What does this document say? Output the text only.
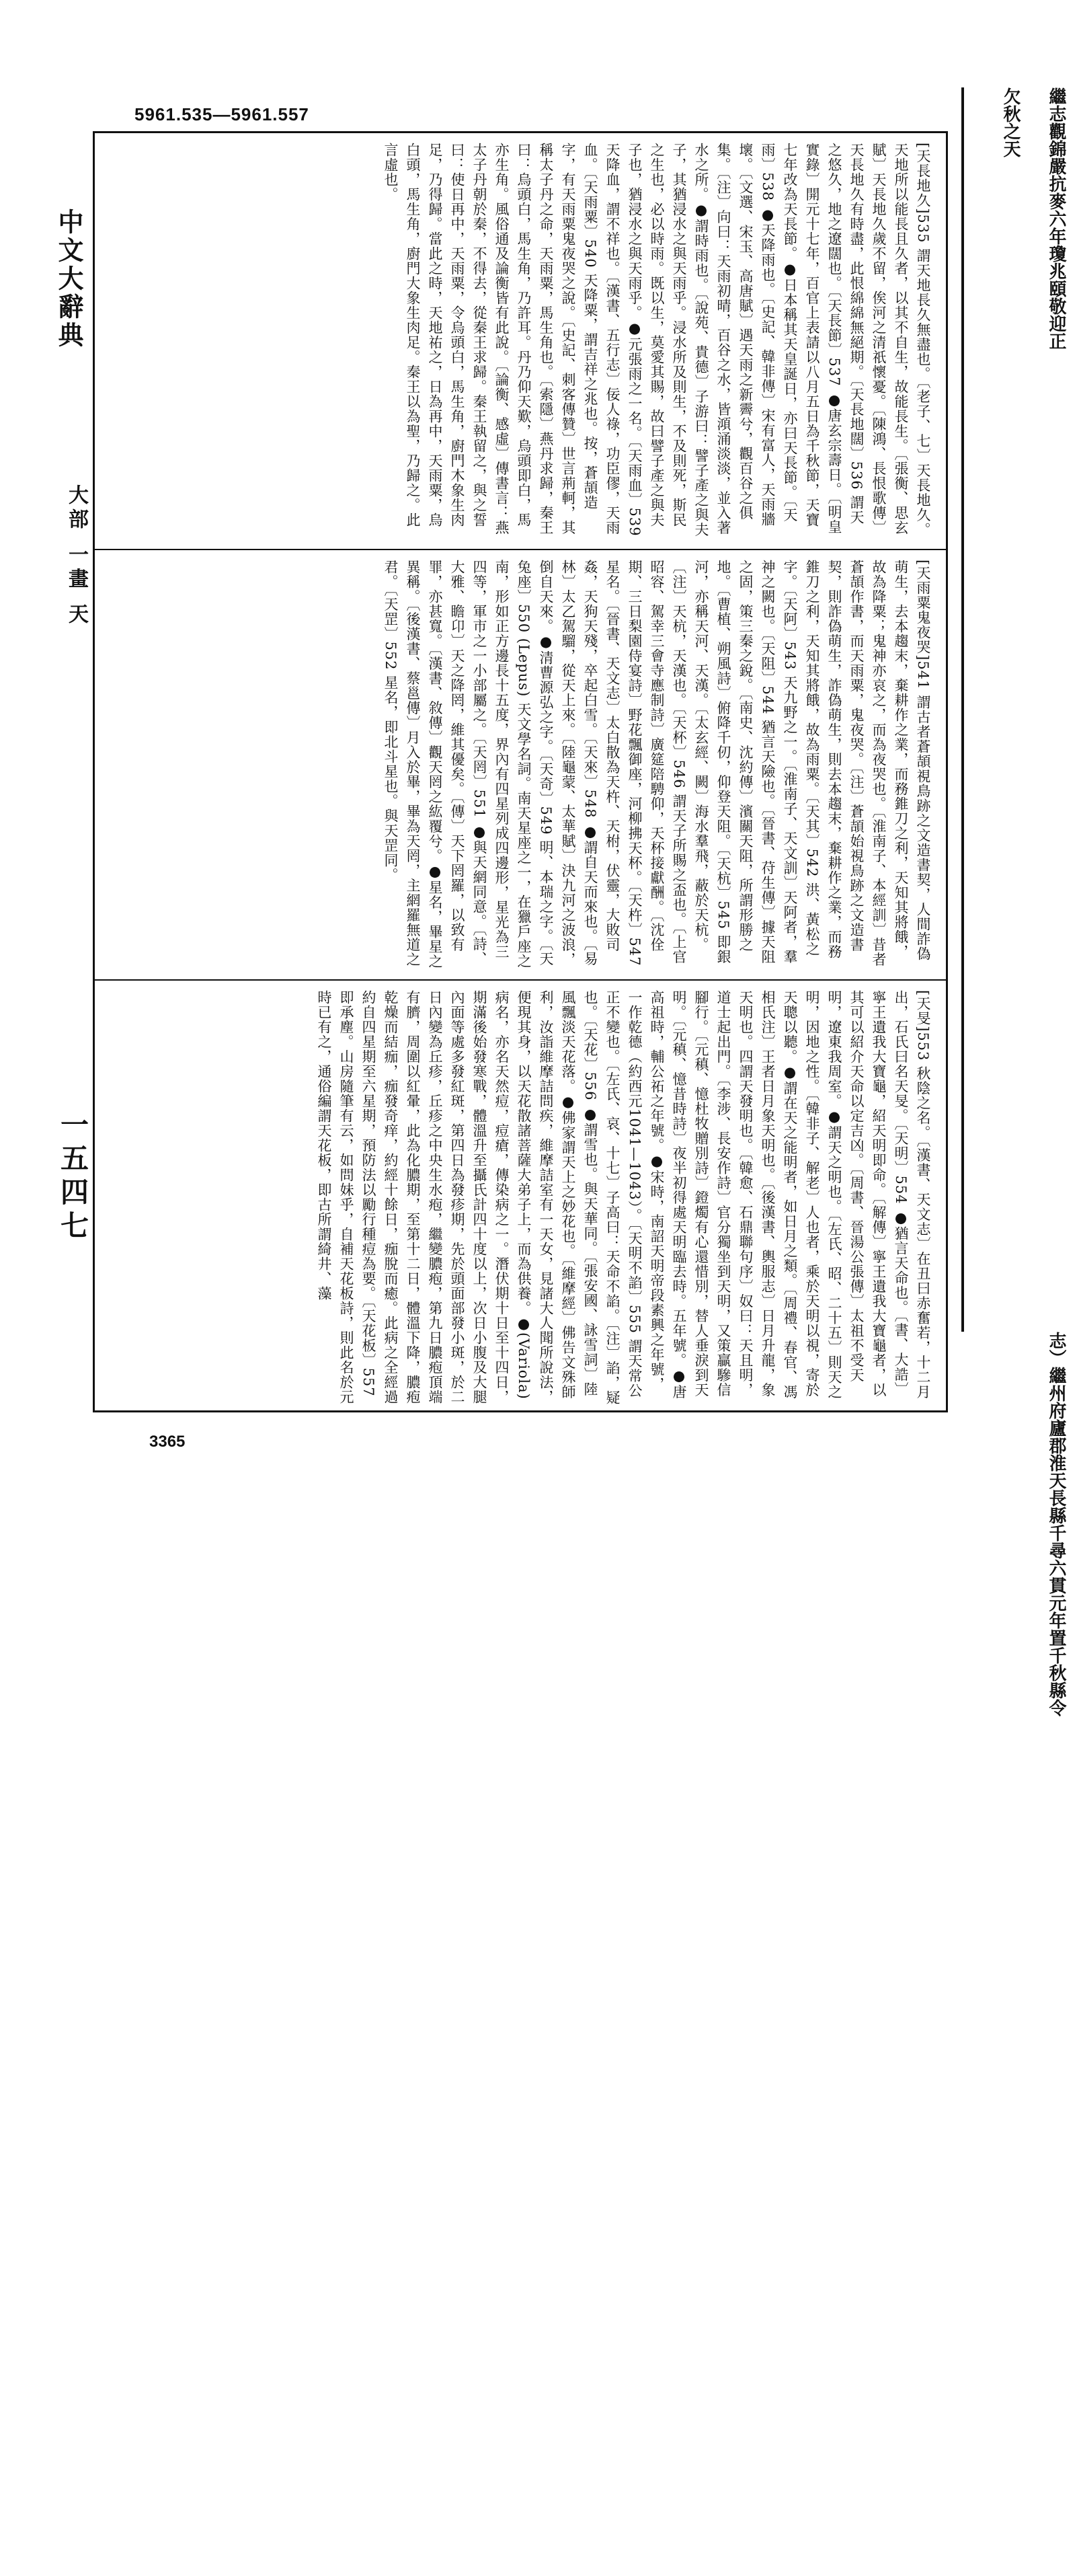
5961.535—5961.557
中文大辭典
大部 一畫 天
一五四七
[天長地久]535 謂天地長久無盡也。〔老子、七〕天長地久。天地所以能長且久者，以其不自生，故能長生。〔張衡、思玄賦〕天長地久歲不留，俟河之清祇懷憂。〔陳鴻、長恨歌傳〕天長地久有時盡，此恨綿綿無絕期。〔天長地闊〕536 謂天之悠久，地之遼闊也。〔天長節〕537 ●唐玄宗壽日。〔明皇實錄〕開元十七年，百官上表請以八月五日為千秋節，天寶七年改為天長節。●日本稱其天皇誕日，亦曰天長節。〔天雨〕538 ●天降雨也。〔史記、韓非傳〕宋有富人，天雨牆壞。〔文選、宋玉、高唐賦〕遇天雨之新霽兮，觀百谷之俱集。〔注〕向曰：天雨初晴，百谷之水，皆澒涌淡淡，並入著水之所。●謂時雨也。〔說苑、貴德〕子游曰：譬子產之與夫子，其猶浸水之與天雨乎。浸水所及則生，不及則死，斯民之生也，必以時雨。既以生，莫愛其賜，故曰譬子產之與夫子也，猶浸水之與天雨乎。●元張雨之一名。〔天雨血〕539 天降血，謂不祥也。〔漢書、五行志〕佞人祿，功臣僇，天雨血。〔天雨粟〕540 天降粟，謂吉祥之兆也。按，蒼頡造字，有天雨粟鬼夜哭之說。〔史記、刺客傳贊〕世言荊軻，其稱太子丹之命，天雨粟，馬生角也。〔索隱〕燕丹求歸，秦王曰：烏頭白，馬生角，乃許耳。丹乃仰天歎，烏頭即白，馬亦生角。風俗通及論衡皆有此說。〔論衡、感虛〕傳書言：燕太子丹朝於秦，不得去，從秦王求歸。秦王執留之，與之誓曰：使日再中，天雨粟，令烏頭白，馬生角，廚門木象生肉足，乃得歸。當此之時，天地祐之，日為再中，天雨粟，烏白頭，馬生角，廚門大象生肉足。秦王以為聖，乃歸之。此言虛也。
[天雨粟鬼夜哭]541 謂古者蒼頡視鳥跡之文造書契，人間詐偽萌生，去本趨末，棄耕作之業，而務錐刀之利，天知其將餓，故為降粟；鬼神亦哀之，而為夜哭也。〔淮南子、本經訓〕昔者蒼頡作書，而天雨粟，鬼夜哭。〔注〕蒼頡始視鳥跡之文造書契，則詐偽萌生，詐偽萌生，則去本趨末，棄耕作之業，而務錐刀之利，天知其將餓，故為雨粟。〔天其〕542 洪、黃松之字。〔天阿〕543 天九野之一。〔淮南子、天文訓〕天阿者，羣神之闕也。〔天阻〕544 猶言天險也。〔晉書、苻生傳〕據天阻之固，策三秦之銳。〔南史、沈約傳〕濱關天阻，所謂形勝之地。〔曹植、朔風詩〕俯降千仞，仰登天阻。〔天杭〕545 即銀河，亦稱天河、天漢。〔太玄經、闕〕海水羣飛，蔽於天杭。〔注〕天杭，天漢也。〔天杯〕546 謂天子所賜之盃也。〔上官昭容、駕幸三會寺應制詩〕廣筵陪騁仰，天杯接獻酬。〔沈佺期、三日梨園侍宴詩〕野花飄御座，河柳拂天杯。〔天杵〕547 星名。〔晉書、天文志〕太白散為天杵、天柎，伏靈，大敗司姦，天狗天殘，卒起白雪。〔天來〕548 ●謂自天而來也。〔易林〕太乙駕騮，從天上來。〔陸龜蒙、太華賦〕決九河之波浪，倒自天來。●清曹源弘之字。〔天奇〕549 明、本瑞之字。〔天兔座〕550 (Lepus) 天文學名詞。南天星座之一，在獵戶座之南，形如正方邊長十五度，界內有四星列成四邊形，星光為三四等，軍市之一小部屬之。〔天罔〕551 ●與天網同意。〔詩、大雅、瞻卬〕天之降罔，維其優矣。〔傳〕天下罔羅，以致有罪，亦甚寬。〔漢書、敘傳〕觀天罔之紘覆兮。●星名，畢星之異稱。〔後漢書、蔡邕傳〕月入於畢，畢為天罔，主網羅無道之君。〔天罡〕552 星名，即北斗星也。與天罡同。
[天旻]553 秋陰之名。〔漢書、天文志〕在丑曰赤奮若，十二月出，石氏曰名天旻。〔天明〕554 ●猶言天命也。〔書、大誥〕寧王遺我大寶龜，紹天明即命。〔解傳〕寧王遺我大寶龜者，以其可以紹介天命以定吉凶。〔周書、晉湯公張傳〕太祖不受天明，遼東我周室。●謂天之明也。〔左氏、昭、二十五〕則天之明，因地之性。〔韓非子、解老〕人也者，乘於天明以視，寄於天聰以聽。●謂在天之能明者，如日月之類。〔周禮、春官、馮相氏注〕王者日月象天明也。〔後漢書、輿服志〕日月升龍，象天明也。四謂天發明也。〔韓愈、石鼎聯句序〕奴曰：天且明，道士起出門。〔李涉、長安作詩〕官分獨坐到天明，又策贏驂信腳行。〔元稹、憶杜牧贈別詩〕鐙燭有心還惜別，替人垂淚到天明。〔元稹、憶昔時詩〕夜半初得處天明臨去時。五年號。●唐高祖時，輔公祏之年號。●宋時，南詔天明帝段素興之年號，一作乾德（約西元1041—1043）。〔天明不諂〕555 謂天常公正不變也。〔左氏、哀、十七〕子高曰：天命不諂。〔注〕諂，疑也。〔天花〕556 ●謂雪也。與天華同。〔張安國、詠雪詞〕陸風飄淡天花落。●佛家謂天上之妙花也。〔維摩經〕佛告文殊師利，汝詣維摩詰問疾，維摩詰室有一天女，見諸大人聞所說法，便現其身，以天花散諸菩薩大弟子上，而為供養。●(Variola) 病名，亦名天然痘，痘瘡，傳染病之一。潛伏期十日至十四日，期滿後始發寒戰，體溫升至攝氏計四十度以上，次日小腹及大腿內面等處多發紅斑，第四日為發疹期，先於頭面部發小斑，於二日內變為丘疹，丘疹之中央生水疱，繼變膿疱，第九日膿疱頂端有臍，周圍以紅暈，此為化膿期，至第十二日，體溫下降，膿疱乾燥而結痂，痂發奇痒，約經十餘日，痂脫而癒。此病之全經過約自四星期至六星期，預防法以勵行種痘為要。〔天花板〕557 即承塵。山房隨筆有云，如問妹乎，自補天花板詩，則此名於元時已有之，通俗編謂天花板，即古所謂綺井、藻
3365
繼志觀錦嚴抗麥六年瓊兆頤敬迎正
欠秋之天
志）繼州府廬郡淮天長縣千尋六貫元年置千秋縣令
